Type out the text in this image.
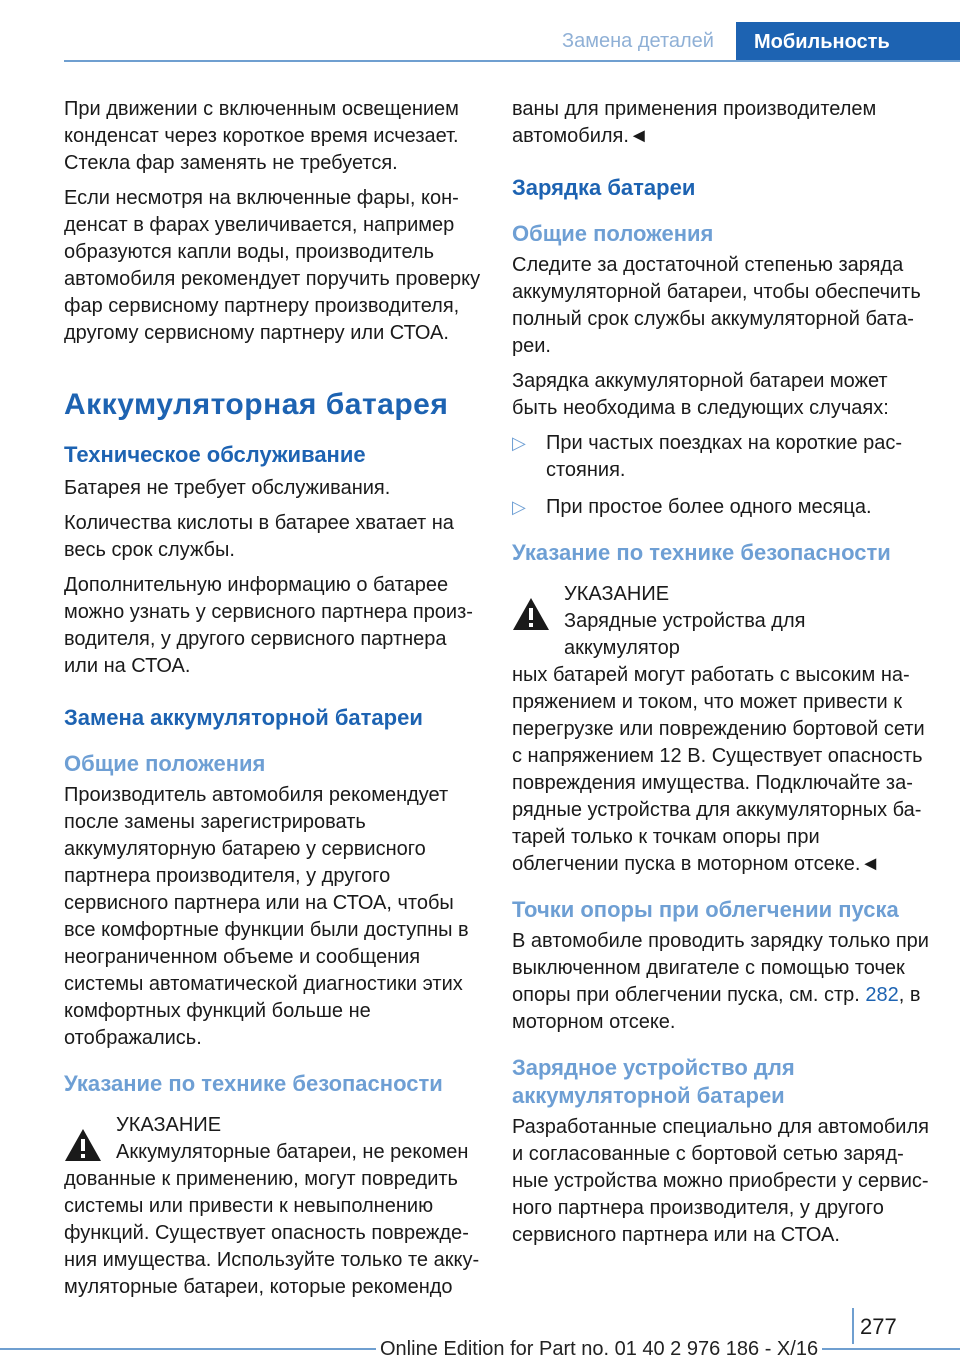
Замена деталей	Мобильность

При движении с включенным освещением конденсат через короткое время исчезает. Стекла фар заменять не требуется.

Если несмотря на включенные фары, конденсат в фарах увеличивается, например образуются капли воды, производитель автомобиля рекомендует поручить проверку фар сервисному партнеру производителя, другому сервисному партнеру или СТОА.

Аккумуляторная батарея
Техническое обслуживание

Батарея не требует обслуживания.

Количества кислоты в батарее хватает на весь срок службы.

Дополнительную информацию о батарее можно узнать у сервисного партнера производителя, у другого сервисного партнера или на СТОА.

Замена аккумуляторной батареи
Общие положения

Производитель автомобиля рекомендует после замены зарегистрировать аккумуляторную батарею у сервисного партнера производителя, у другого сервисного партнера или на СТОА, чтобы все комфортные функции были доступны в неограниченном объеме и сообщения системы автоматической диагностики этих комфортных функций больше не отображались.

Указание по технике безопасности
УКАЗАНИЕ
Аккумуляторные батареи, не рекомен
дованные к применению, могут повредить системы или привести к невыполнению функций. Существует опасность повреждения имущества. Используйте только те аккумуляторные батареи, которые рекомендо

ваны для применения производителем автомобиля.◄

Зарядка батареи
Общие положения

Следите за достаточной степенью заряда аккумуляторной батареи, чтобы обеспечить полный срок службы аккумуляторной батареи.

Зарядка аккумуляторной батареи может быть необходима в следующих случаях:

▷	При частых поездках на короткие расстояния.
▷	При простое более одного месяца.
Указание по технике безопасности
УКАЗАНИЕ
Зарядные устройства для аккумулятор
ных батарей могут работать с высоким напряжением и током, что может привести к перегрузке или повреждению бортовой сети с напряжением 12 В. Существует опасность повреждения имущества. Подключайте зарядные устройства для аккумуляторных батарей только к точкам опоры при облегчении пуска в моторном отсеке.◄
Точки опоры при облегчении пуска

В автомобиле проводить зарядку только при выключенном двигателе с помощью точек опоры при облегчении пуска, см. стр. 282, в моторном отсеке.

Зарядное устройство для аккумуляторной батареи

Разработанные специально для автомобиля и согласованные с бортовой сетью зарядные устройства можно приобрести у сервисного партнера производителя, у другого сервисного партнера или на СТОА.

277
Online Edition for Part no. 01 40 2 976 186 - X/16
